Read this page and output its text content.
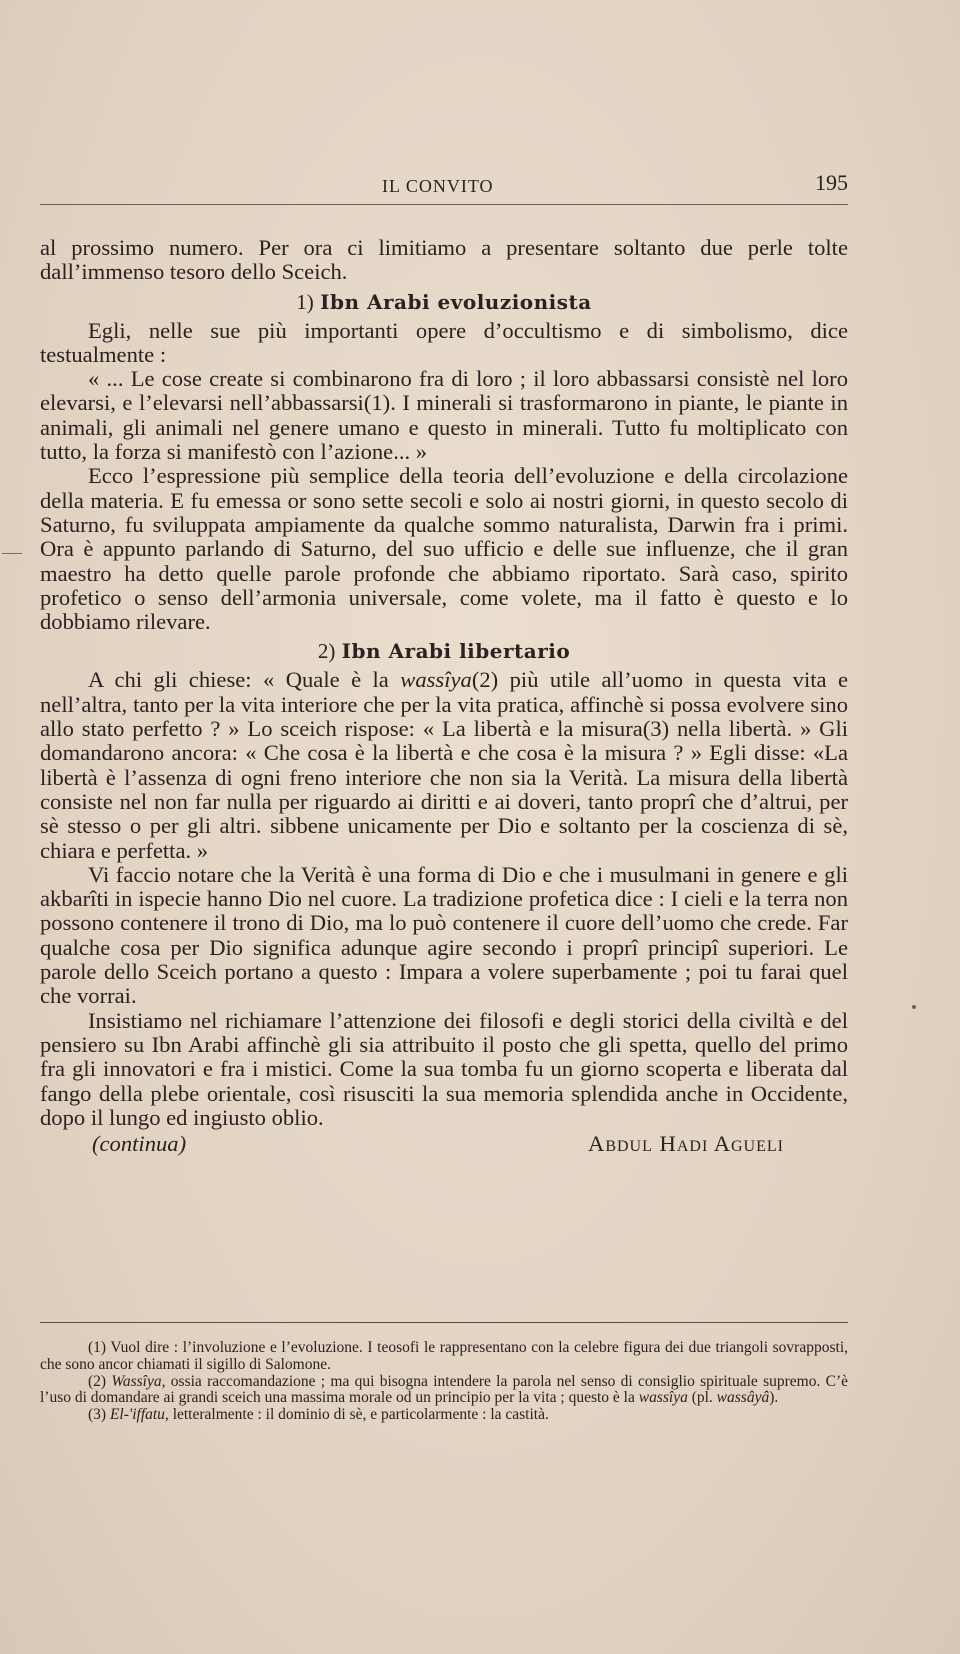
IL CONVITO	195

al prossimo numero. Per ora ci limitiamo a presentare soltanto due perle tolte dall’immenso tesoro dello Sceich.

1) Ibn Arabi evoluzionista

Egli, nelle sue più importanti opere d’occultismo e di simbolismo, dice testualmente :

« ... Le cose create si combinarono fra di loro ; il loro abbassarsi consistè nel loro elevarsi, e l’elevarsi nell’abbassarsi(1). I minerali si trasformarono in piante, le piante in animali, gli animali nel genere umano e questo in minerali. Tutto fu moltiplicato con tutto, la forza si manifestò con l’azione... »

Ecco l’espressione più semplice della teoria dell’evoluzione e della circolazione della materia. E fu emessa or sono sette secoli e solo ai nostri giorni, in questo secolo di Saturno, fu sviluppata ampiamente da qualche sommo naturalista, Darwin fra i primi. Ora è appunto parlando di Saturno, del suo ufficio e delle sue influenze, che il gran maestro ha detto quelle parole profonde che abbiamo riportato. Sarà caso, spirito profetico o senso dell’armonia universale, come volete, ma il fatto è questo e lo dobbiamo rilevare.

2) Ibn Arabi libertario

A chi gli chiese: « Quale è la wassîya(2) più utile all’uomo in questa vita e nell’altra, tanto per la vita interiore che per la vita pratica, affinchè si possa evolvere sino allo stato perfetto ? » Lo sceich rispose: « La libertà e la misura(3) nella libertà. » Gli domandarono ancora: « Che cosa è la libertà e che cosa è la misura ? » Egli disse: «La libertà è l’assenza di ogni freno interiore che non sia la Verità. La misura della libertà consiste nel non far nulla per riguardo ai diritti e ai doveri, tanto proprî che d’altrui, per sè stesso o per gli altri. sibbene unicamente per Dio e soltanto per la coscienza di sè, chiara e perfetta. »

Vi faccio notare che la Verità è una forma di Dio e che i musulmani in genere e gli akbarîti in ispecie hanno Dio nel cuore. La tradizione profetica dice : I cieli e la terra non possono contenere il trono di Dio, ma lo può contenere il cuore dell’uomo che crede. Far qualche cosa per Dio significa adunque agire secondo i proprî principî superiori. Le parole dello Sceich portano a questo : Impara a volere superbamente ; poi tu farai quel che vorrai.

Insistiamo nel richiamare l’attenzione dei filosofi e degli storici della civiltà e del pensiero su Ibn Arabi affinchè gli sia attribuito il posto che gli spetta, quello del primo fra gli innovatori e fra i mistici. Come la sua tomba fu un giorno scoperta e liberata dal fango della plebe orientale, così risusciti la sua memoria splendida anche in Occidente, dopo il lungo ed ingiusto oblio.

(continua)	Abdul Hadi Agueli

(1) Vuol dire : l’involuzione e l’evoluzione. I teosofi le rappresentano con la celebre figura dei due triangoli sovrapposti, che sono ancor chiamati il sigillo di Salomone.

(2) Wassîya, ossia raccomandazione ; ma qui bisogna intendere la parola nel senso di consiglio spirituale supremo. C’è l’uso di domandare ai grandi sceich una massima morale od un principio per la vita ; questo è la wassîya (pl. wassâyâ).

(3) El-'iffatu, letteralmente : il dominio di sè, e particolarmente : la castità.
